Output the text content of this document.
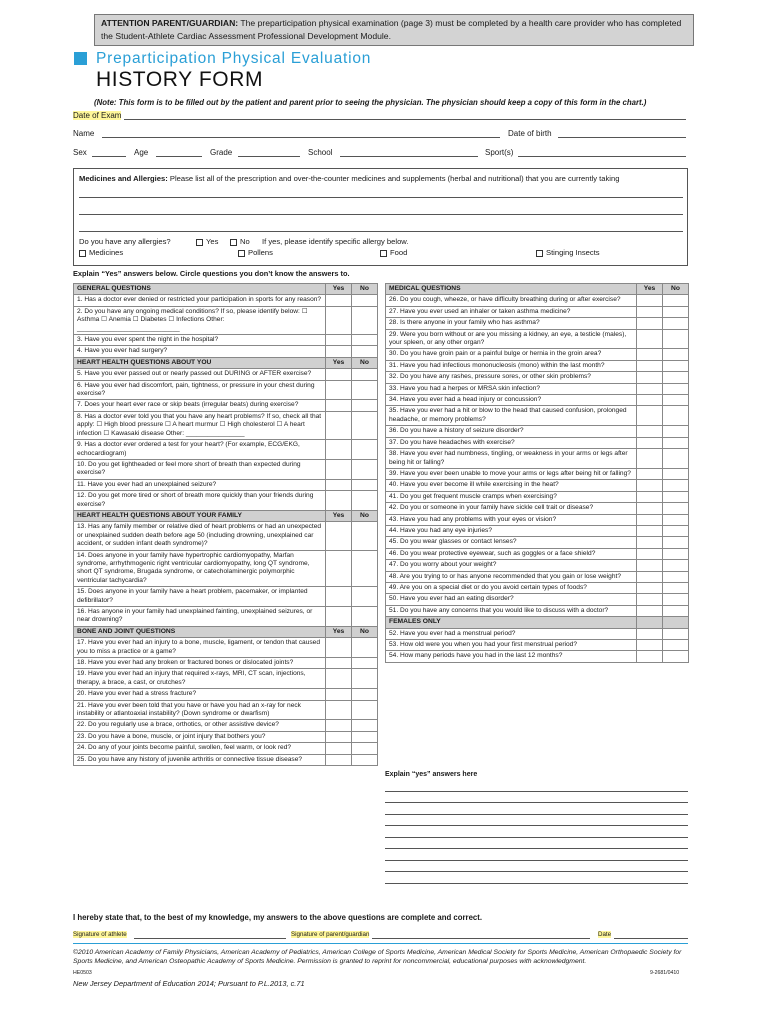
ATTENTION PARENT/GUARDIAN: The preparticipation physical examination (page 3) must be completed by a health care provider who has completed the Student-Athlete Cardiac Assessment Professional Development Module.
Preparticipation Physical Evaluation
HISTORY FORM
(Note: This form is to be filled out by the patient and parent prior to seeing the physician. The physician should keep a copy of this form in the chart.)
Date of Exam
Name	Date of birth
Sex	Age	Grade	School	Sport(s)
Medicines and Allergies: Please list all of the prescription and over-the-counter medicines and supplements (herbal and nutritional) that you are currently taking
Do you have any allergies?	Yes	No If yes, please identify specific allergy below.
Medicines	Pollens	Food	Stinging Insects
Explain “Yes” answers below. Circle questions you don’t know the answers to.
GENERAL QUESTIONS	Yes	No
1. Has a doctor ever denied or restricted your participation in sports for any reason?		
2. Do you have any ongoing medical conditions? If so, please identify below: ☐ Asthma ☐ Anemia ☐ Diabetes ☐ Infections Other: ____________________________		
3. Have you ever spent the night in the hospital?		
4. Have you ever had surgery?		
HEART HEALTH QUESTIONS ABOUT YOU	Yes	No
5. Have you ever passed out or nearly passed out DURING or AFTER exercise?		
6. Have you ever had discomfort, pain, tightness, or pressure in your chest during exercise?		
7. Does your heart ever race or skip beats (irregular beats) during exercise?		
8. Has a doctor ever told you that you have any heart problems? If so, check all that apply: ☐ High blood pressure ☐ A heart murmur ☐ High cholesterol ☐ A heart infection ☐ Kawasaki disease Other: ________________		
9. Has a doctor ever ordered a test for your heart? (For example, ECG/EKG, echocardiogram)		
10. Do you get lightheaded or feel more short of breath than expected during exercise?		
11. Have you ever had an unexplained seizure?		
12. Do you get more tired or short of breath more quickly than your friends during exercise?		
HEART HEALTH QUESTIONS ABOUT YOUR FAMILY	Yes	No
13. Has any family member or relative died of heart problems or had an unexpected or unexplained sudden death before age 50 (including drowning, unexplained car accident, or sudden infant death syndrome)?		
14. Does anyone in your family have hypertrophic cardiomyopathy, Marfan syndrome, arrhythmogenic right ventricular cardiomyopathy, long QT syndrome, short QT syndrome, Brugada syndrome, or catecholaminergic polymorphic ventricular tachycardia?		
15. Does anyone in your family have a heart problem, pacemaker, or implanted defibrillator?		
16. Has anyone in your family had unexplained fainting, unexplained seizures, or near drowning?		
BONE AND JOINT QUESTIONS	Yes	No
17. Have you ever had an injury to a bone, muscle, ligament, or tendon that caused you to miss a practice or a game?		
18. Have you ever had any broken or fractured bones or dislocated joints?		
19. Have you ever had an injury that required x-rays, MRI, CT scan, injections, therapy, a brace, a cast, or crutches?		
20. Have you ever had a stress fracture?		
21. Have you ever been told that you have or have you had an x-ray for neck instability or atlantoaxial instability? (Down syndrome or dwarfism)		
22. Do you regularly use a brace, orthotics, or other assistive device?		
23. Do you have a bone, muscle, or joint injury that bothers you?		
24. Do any of your joints become painful, swollen, feel warm, or look red?		
25. Do you have any history of juvenile arthritis or connective tissue disease?		
MEDICAL QUESTIONS	Yes	No
26. Do you cough, wheeze, or have difficulty breathing during or after exercise?		
27. Have you ever used an inhaler or taken asthma medicine?		
28. Is there anyone in your family who has asthma?		
29. Were you born without or are you missing a kidney, an eye, a testicle (males), your spleen, or any other organ?		
30. Do you have groin pain or a painful bulge or hernia in the groin area?		
31. Have you had infectious mononucleosis (mono) within the last month?		
32. Do you have any rashes, pressure sores, or other skin problems?		
33. Have you had a herpes or MRSA skin infection?		
34. Have you ever had a head injury or concussion?		
35. Have you ever had a hit or blow to the head that caused confusion, prolonged headache, or memory problems?		
36. Do you have a history of seizure disorder?		
37. Do you have headaches with exercise?		
38. Have you ever had numbness, tingling, or weakness in your arms or legs after being hit or falling?		
39. Have you ever been unable to move your arms or legs after being hit or falling?		
40. Have you ever become ill while exercising in the heat?		
41. Do you get frequent muscle cramps when exercising?		
42. Do you or someone in your family have sickle cell trait or disease?		
43. Have you had any problems with your eyes or vision?		
44. Have you had any eye injuries?		
45. Do you wear glasses or contact lenses?		
46. Do you wear protective eyewear, such as goggles or a face shield?		
47. Do you worry about your weight?		
48. Are you trying to or has anyone recommended that you gain or lose weight?		
49. Are you on a special diet or do you avoid certain types of foods?		
50. Have you ever had an eating disorder?		
51. Do you have any concerns that you would like to discuss with a doctor?		
FEMALES ONLY		
52. Have you ever had a menstrual period?		
53. How old were you when you had your first menstrual period?		
54. How many periods have you had in the last 12 months?		
Explain “yes” answers here
I hereby state that, to the best of my knowledge, my answers to the above questions are complete and correct.
Signature of athlete	Signature of parent/guardian	Date
©2010 American Academy of Family Physicians, American Academy of Pediatrics, American College of Sports Medicine, American Medical Society for Sports Medicine, American Orthopaedic Society for Sports Medicine, and American Osteopathic Academy of Sports Medicine. Permission is granted to reprint for noncommercial, educational purposes with acknowledgment.
HE0503	9-2681/0410
New Jersey Department of Education 2014; Pursuant to P.L.2013, c.71
